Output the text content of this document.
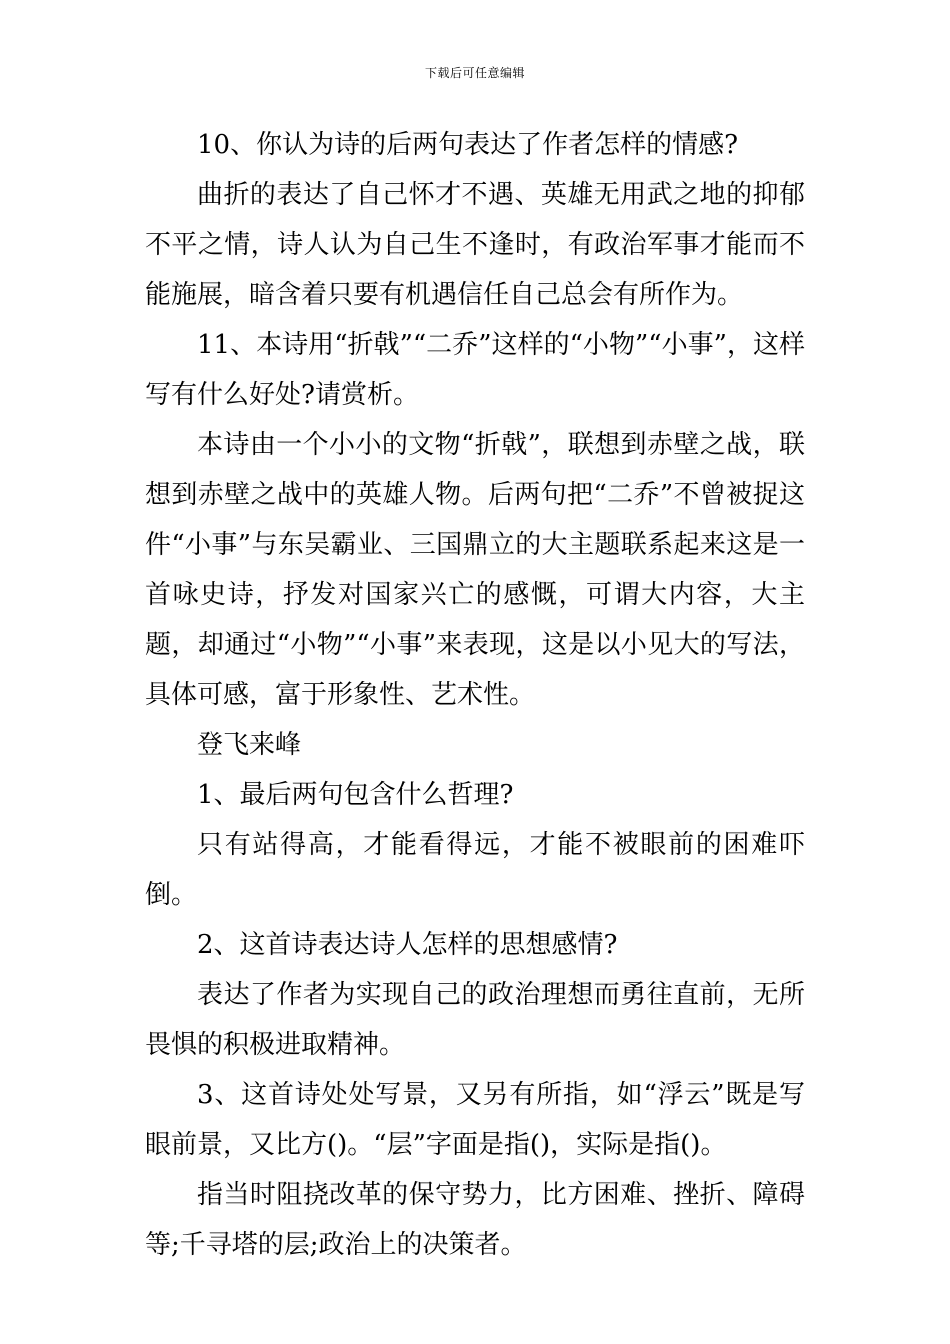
下载后可任意编辑

10、你认为诗的后两句表达了作者怎样的情感?

曲折的表达了自己怀才不遇、英雄无用武之地的抑郁不平之情，诗人认为自己生不逢时，有政治军事才能而不能施展，暗含着只要有机遇信任自己总会有所作为。

11、本诗用“折戟”“二乔”这样的“小物”“小事”，这样写有什么好处?请赏析。

本诗由一个小小的文物“折戟”，联想到赤壁之战，联想到赤壁之战中的英雄人物。后两句把“二乔”不曾被捉这件“小事”与东吴霸业、三国鼎立的大主题联系起来这是一首咏史诗，抒发对国家兴亡的感慨，可谓大内容，大主题，却通过“小物”“小事”来表现，这是以小见大的写法，具体可感，富于形象性、艺术性。

登飞来峰

1、最后两句包含什么哲理?

只有站得高，才能看得远，才能不被眼前的困难吓倒。

2、这首诗表达诗人怎样的思想感情?

表达了作者为实现自己的政治理想而勇往直前，无所畏惧的积极进取精神。

3、这首诗处处写景，又另有所指，如“浮云”既是写眼前景，又比方()。“层”字面是指()，实际是指()。

指当时阻挠改革的保守势力，比方困难、挫折、障碍等;千寻塔的层;政治上的决策者。
